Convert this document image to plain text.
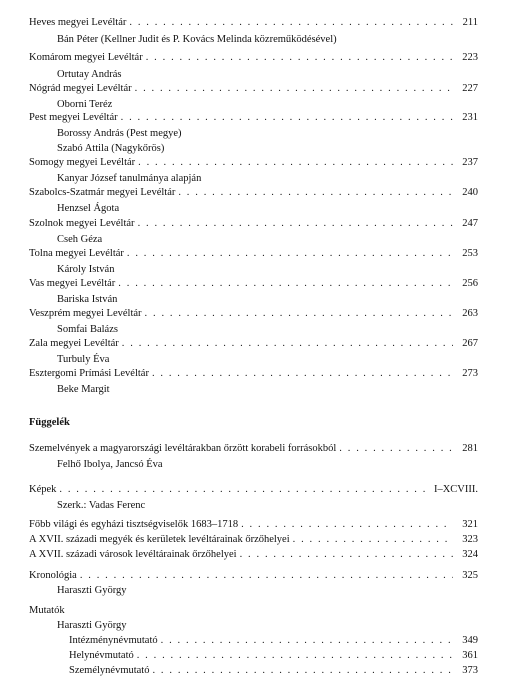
Heves megyei Levéltár . . .	211
Bán Péter (Kellner Judit és P. Kovács Melinda közreműködésével)
Komárom megyei Levéltár . . .	223
Ortutay András
Nógrád megyei Levéltár . . .	227
Oborni Teréz
Pest megyei Levéltár . . .	231
Borossy András (Pest megye)
Szabó Attila (Nagykőrös)
Somogy megyei Levéltár . . .	237
Kanyar József tanulmánya alapján
Szabolcs-Szatmár megyei Levéltár . . .	240
Henzsel Ágota
Szolnok megyei Levéltár . . .	247
Cseh Géza
Tolna megyei Levéltár . . .	253
Károly István
Vas megyei Levéltár . . .	256
Bariska István
Veszprém megyei Levéltár . . .	263
Somfai Balázs
Zala megyei Levéltár . . .	267
Turbuly Éva
Esztergomi Prímási Levéltár . . .	273
Beke Margit
Függelék
Szemelvények a magyarországi levéltárakban őrzött korabeli forrásokból . . .	281
Felhő Ibolya, Jancsó Éva
Képek . . .	I–XCVIII.
Szerk.: Vadas Ferenc
Főbb világi és egyházi tisztségviselők 1683–1718 . . .	321
A XVII. századi megyék és kerületek levéltárainak őrzőhelyei . . .	323
A XVII. századi városok levéltárainak őrzőhelyei . . .	324
Kronológia . . .	325
Haraszti György
Mutatók
Haraszti György
Intézménynévmutató . . .	349
Helynévmutató . . .	361
Személynévmutató . . .	373
